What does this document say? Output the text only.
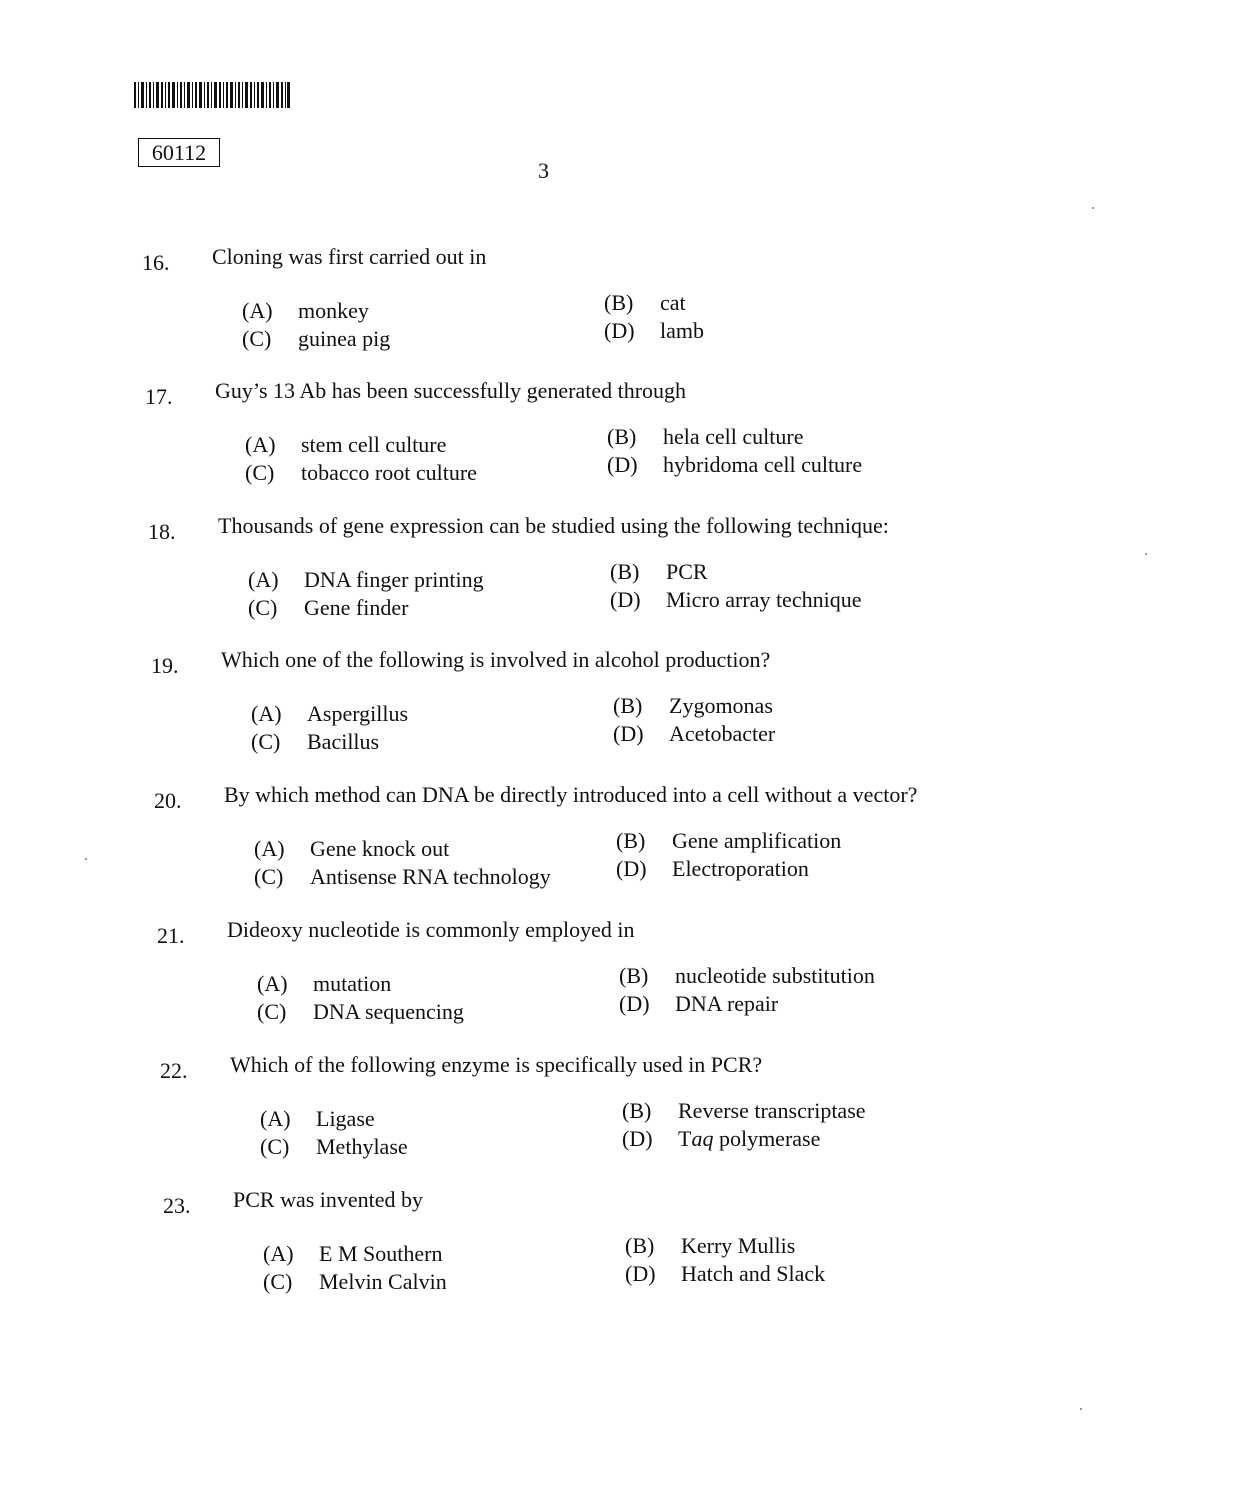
60112
3
16. Cloning was first carried out in
(A) monkey	(B) cat
(C) guinea pig	(D) lamb
17. Guy’s 13 Ab has been successfully generated through
(A) stem cell culture	(B) hela cell culture
(C) tobacco root culture	(D) hybridoma cell culture
18. Thousands of gene expression can be studied using the following technique:
(A) DNA finger printing	(B) PCR
(C) Gene finder	(D) Micro array technique
19. Which one of the following is involved in alcohol production?
(A) Aspergillus	(B) Zygomonas
(C) Bacillus	(D) Acetobacter
20. By which method can DNA be directly introduced into a cell without a vector?
(A) Gene knock out	(B) Gene amplification
(C) Antisense RNA technology	(D) Electroporation
21. Dideoxy nucleotide is commonly employed in
(A) mutation	(B) nucleotide substitution
(C) DNA sequencing	(D) DNA repair
22. Which of the following enzyme is specifically used in PCR?
(A) Ligase	(B) Reverse transcriptase
(C) Methylase	(D) Taq polymerase
23. PCR was invented by
(A) E M Southern	(B) Kerry Mullis
(C) Melvin Calvin	(D) Hatch and Slack
